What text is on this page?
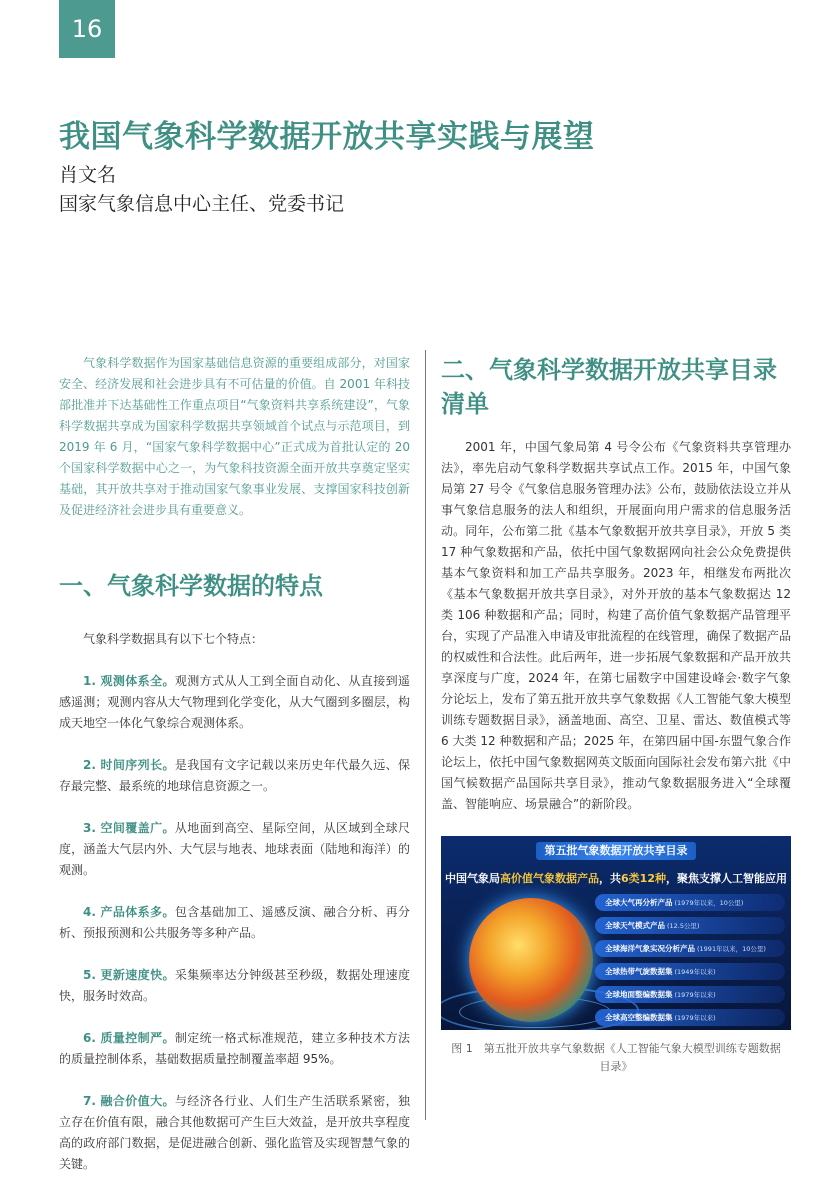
16
我国气象科学数据开放共享实践与展望
肖文名
国家气象信息中心主任、党委书记

气象科学数据作为国家基础信息资源的重要组成部分，对国家安全、经济发展和社会进步具有不可估量的价值。自 2001 年科技部批准并下达基础性工作重点项目“气象资料共享系统建设”，气象科学数据共享成为国家科学数据共享领域首个试点与示范项目，到 2019 年 6 月，“国家气象科学数据中心”正式成为首批认定的 20 个国家科学数据中心之一，为气象科技资源全面开放共享奠定坚实基础，其开放共享对于推动国家气象事业发展、支撑国家科技创新及促进经济社会进步具有重要意义。

一、气象科学数据的特点

气象科学数据具有以下七个特点：

1. 观测体系全。观测方式从人工到全面自动化、从直接到遥感遥测；观测内容从大气物理到化学变化，从大气圈到多圈层，构成天地空一体化气象综合观测体系。

2. 时间序列长。是我国有文字记载以来历史年代最久远、保存最完整、最系统的地球信息资源之一。

3. 空间覆盖广。从地面到高空、星际空间，从区域到全球尺度，涵盖大气层内外、大气层与地表、地球表面（陆地和海洋）的观测。

4. 产品体系多。包含基础加工、遥感反演、融合分析、再分析、预报预测和公共服务等多种产品。

5. 更新速度快。采集频率达分钟级甚至秒级，数据处理速度快，服务时效高。

6. 质量控制严。制定统一格式标准规范，建立多种技术方法的质量控制体系，基础数据质量控制覆盖率超 95%。

7. 融合价值大。与经济各行业、人们生产生活联系紧密，独立存在价值有限，融合其他数据可产生巨大效益，是开放共享程度高的政府部门数据，是促进融合创新、强化监管及实现智慧气象的关键。

二、气象科学数据开放共享目录清单

2001 年，中国气象局第 4 号令公布《气象资料共享管理办法》，率先启动气象科学数据共享试点工作。2015 年，中国气象局第 27 号令《气象信息服务管理办法》公布，鼓励依法设立并从事气象信息服务的法人和组织，开展面向用户需求的信息服务活动。同年，公布第二批《基本气象数据开放共享目录》，开放 5 类 17 种气象数据和产品，依托中国气象数据网向社会公众免费提供基本气象资料和加工产品共享服务。2023 年，相继发布两批次《基本气象数据开放共享目录》，对外开放的基本气象数据达 12 类 106 种数据和产品；同时，构建了高价值气象数据产品管理平台，实现了产品准入申请及审批流程的在线管理，确保了数据产品的权威性和合法性。此后两年，进一步拓展气象数据和产品开放共享深度与广度，2024 年，在第七届数字中国建设峰会·数字气象分论坛上，发布了第五批开放共享气象数据《人工智能气象大模型训练专题数据目录》，涵盖地面、高空、卫星、雷达、数值模式等 6 大类 12 种数据和产品；2025 年，在第四届中国-东盟气象合作论坛上，依托中国气象数据网英文版面向国际社会发布第六批《中国气候数据产品国际共享目录》，推动气象数据服务进入“全球覆盖、智能响应、场景融合”的新阶段。

第五批气象数据开放共享目录
中国气象局高价值气象数据产品，共6类12种，聚焦支撑人工智能应用
全球大气再分析产品 (1979年以来，10公里)
全球天气模式产品 (12.5公里)
全球海洋气象实况分析产品 (1991年以来，10公里)
全球热带气旋数据集 (1949年以来)
全球地面整编数据集 (1979年以来)
全球高空整编数据集 (1979年以来)
图 1　第五批开放共享气象数据《人工智能气象大模型训练专题数据目录》
